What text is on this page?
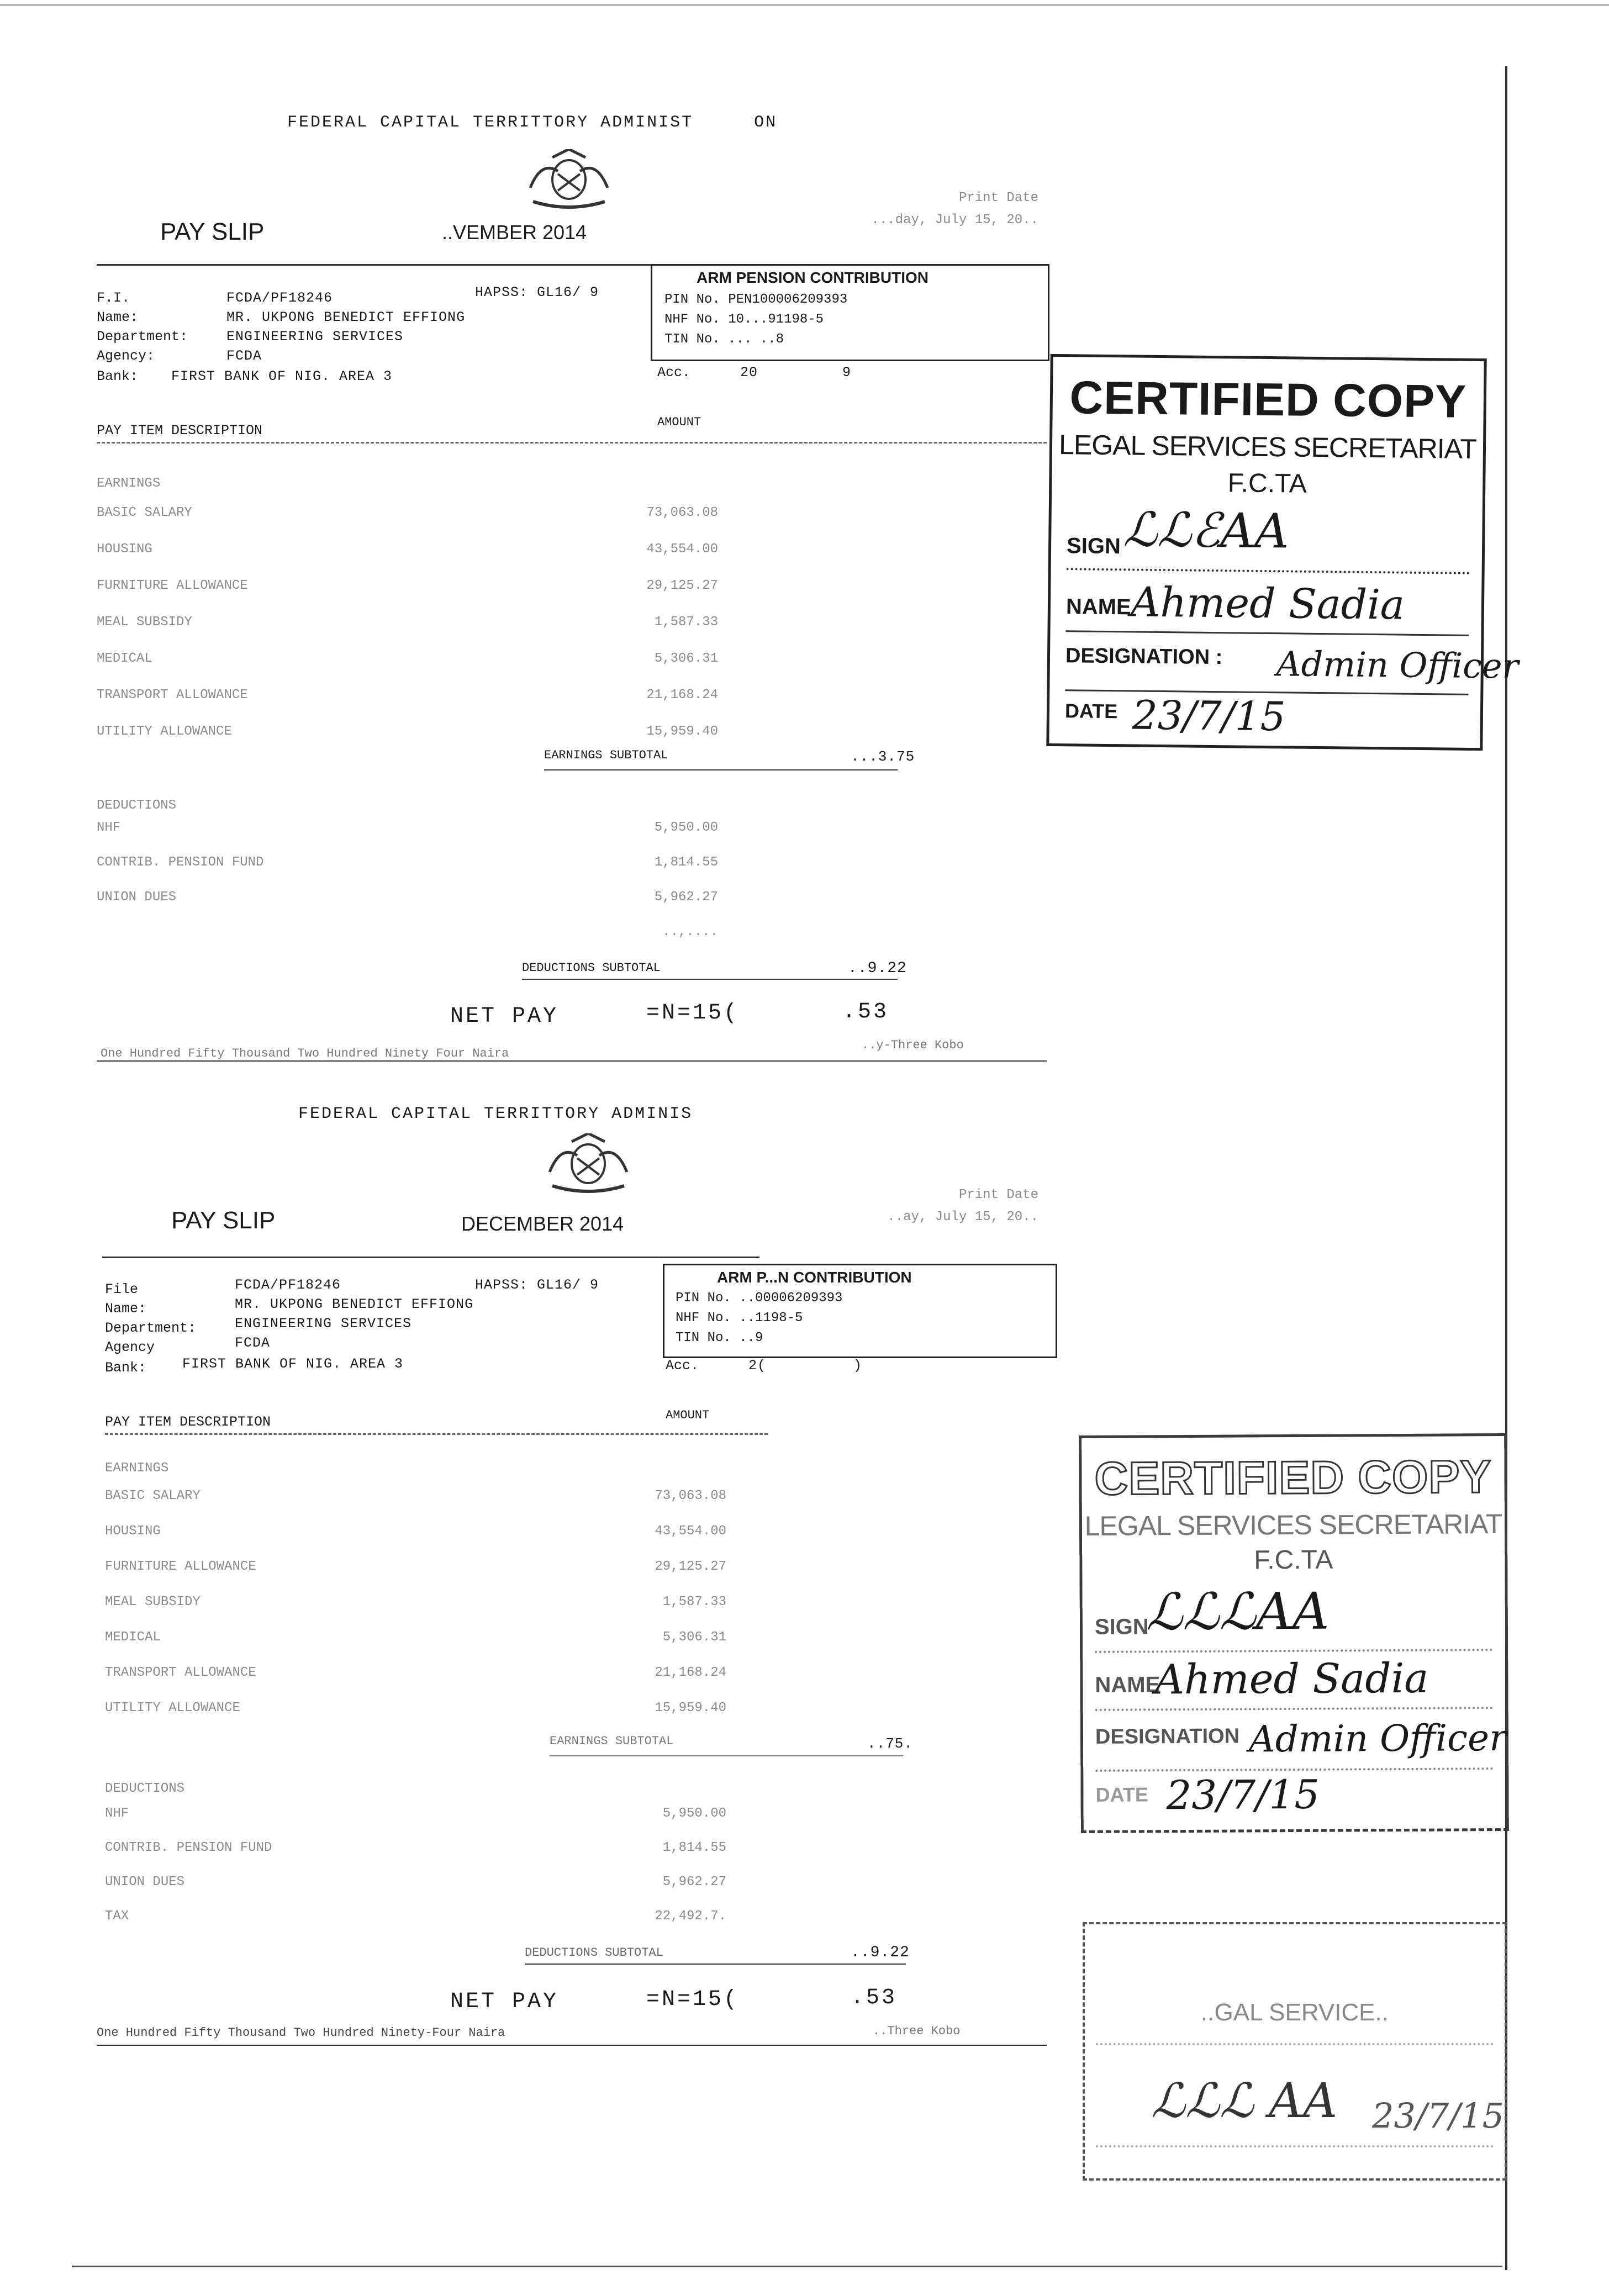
FEDERAL CAPITAL TERRITTORY ADMINIST	ON
Print Date
...day, July 15, 20..
PAY SLIP	..VEMBER 2014
F.I.	FCDA/PF18246	HAPSS: GL16/ 9
Name:	MR. UKPONG BENEDICT EFFIONG
Department:	ENGINEERING SERVICES
Agency:	FCDA
Bank: FIRST BANK OF NIG. AREA 3	Acc.	20	9
ARM PENSION CONTRIBUTION
PIN No. PEN100006209393
NHF No. 10...91198-5
TIN No. ... ..8
PAY ITEM DESCRIPTION
AMOUNT
EARNINGS
BASIC SALARY	73,063.08
HOUSING	43,554.00
FURNITURE ALLOWANCE	29,125.27
MEAL SUBSIDY	1,587.33
MEDICAL	5,306.31
TRANSPORT ALLOWANCE	21,168.24
UTILITY ALLOWANCE	15,959.40
EARNINGS SUBTOTAL	...3.75
DEDUCTIONS
NHF	5,950.00
CONTRIB. PENSION FUND	1,814.55
UNION DUES	5,962.27
..,....
DEDUCTIONS SUBTOTAL	..9.22
NET PAY	=N=15(	.53
One Hundred Fifty Thousand Two Hundred Ninety Four Naira
..y-Three Kobo
FEDERAL CAPITAL TERRITTORY ADMINIS
Print Date
..ay, July 15, 20..
PAY SLIP	DECEMBER 2014
File	FCDA/PF18246	HAPSS: GL16/ 9
Name:	MR. UKPONG BENEDICT EFFIONG
Department:	ENGINEERING SERVICES
Agency	FCDA
Bank:	FIRST BANK OF NIG. AREA 3	Acc.	2(	)
ARM P...N CONTRIBUTION
PIN No. ..00006209393
NHF No. ..1198-5
TIN No. ..9
PAY ITEM DESCRIPTION	AMOUNT
EARNINGS
BASIC SALARY	73,063.08
HOUSING	43,554.00
FURNITURE ALLOWANCE	29,125.27
MEAL SUBSIDY	1,587.33
MEDICAL	5,306.31
TRANSPORT ALLOWANCE	21,168.24
UTILITY ALLOWANCE	15,959.40
EARNINGS SUBTOTAL	..75.
DEDUCTIONS
NHF	5,950.00
CONTRIB. PENSION FUND	1,814.55
UNION DUES	5,962.27
TAX	22,492.7.
DEDUCTIONS SUBTOTAL	..9.22
NET PAY	=N=15(	.53
One Hundred Fifty Thousand Two Hundred Ninety-Four Naira	..Three Kobo
CERTIFIED COPY
LEGAL SERVICES SECRETARIAT
F.C.TA
SIGN ℒℒℰAA
NAME
Ahmed Sadia
DESIGNATION : Admin Officer
DATE 23/7/15
CERTIFIED COPY
LEGAL SERVICES SECRETARIAT
F.C.TA
SIGN
ℒℒℒAA
NAME
Ahmed Sadia
DESIGNATION Admin Officer
DATE 23/7/15
..GAL SERVICE..
ℒℒℒ AA 23/7/15
